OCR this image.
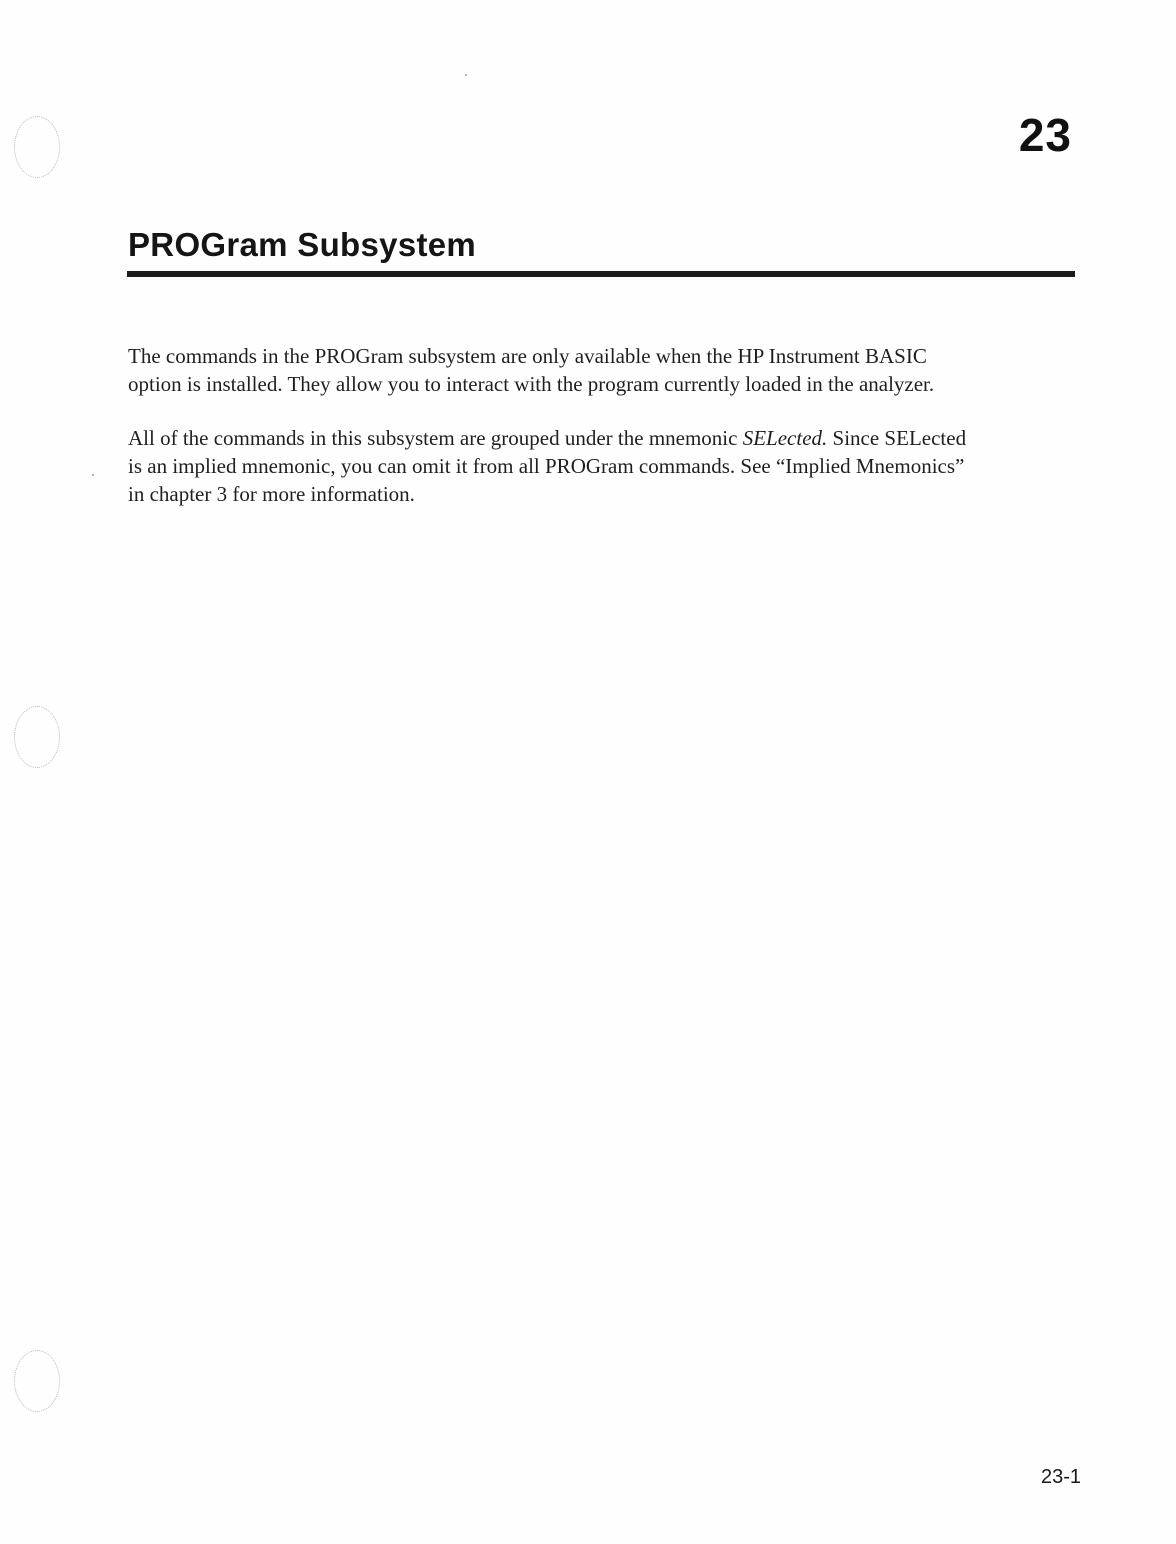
23
PROGram Subsystem

The commands in the PROGram subsystem are only available when the HP Instrument BASIC
option is installed. They allow you to interact with the program currently loaded in the analyzer.

All of the commands in this subsystem are grouped under the mnemonic SELected. Since SELected
is an implied mnemonic, you can omit it from all PROGram commands. See “Implied Mnemonics”
in chapter 3 for more information.

23-1
